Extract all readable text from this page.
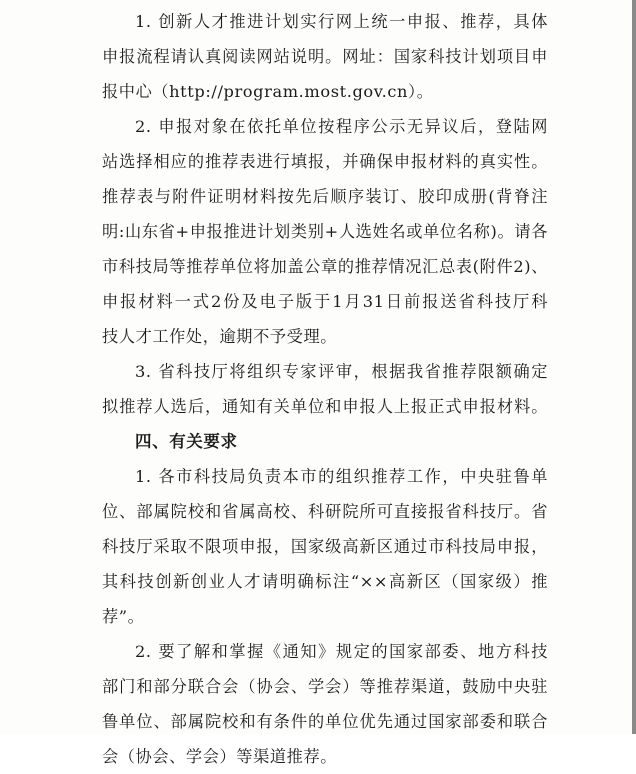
1. 创新人才推进计划实行网上统一申报、推荐，具体
申报流程请认真阅读网站说明。网址：国家科技计划项目申
报中心（http://program.most.gov.cn）。
2. 申报对象在依托单位按程序公示无异议后，登陆网
站选择相应的推荐表进行填报，并确保申报材料的真实性。
推荐表与附件证明材料按先后顺序装订、胶印成册(背脊注
明:山东省+申报推进计划类别+人选姓名或单位名称)。请各
市科技局等推荐单位将加盖公章的推荐情况汇总表(附件2)、
申报材料一式2份及电子版于1月31日前报送省科技厅科
技人才工作处，逾期不予受理。
3. 省科技厅将组织专家评审，根据我省推荐限额确定
拟推荐人选后，通知有关单位和申报人上报正式申报材料。
四、有关要求
1. 各市科技局负责本市的组织推荐工作，中央驻鲁单
位、部属院校和省属高校、科研院所可直接报省科技厅。省
科技厅采取不限项申报，国家级高新区通过市科技局申报，
其科技创新创业人才请明确标注“××高新区（国家级）推
荐”。
2. 要了解和掌握《通知》规定的国家部委、地方科技
部门和部分联合会（协会、学会）等推荐渠道，鼓励中央驻
鲁单位、部属院校和有条件的单位优先通过国家部委和联合
会（协会、学会）等渠道推荐。
